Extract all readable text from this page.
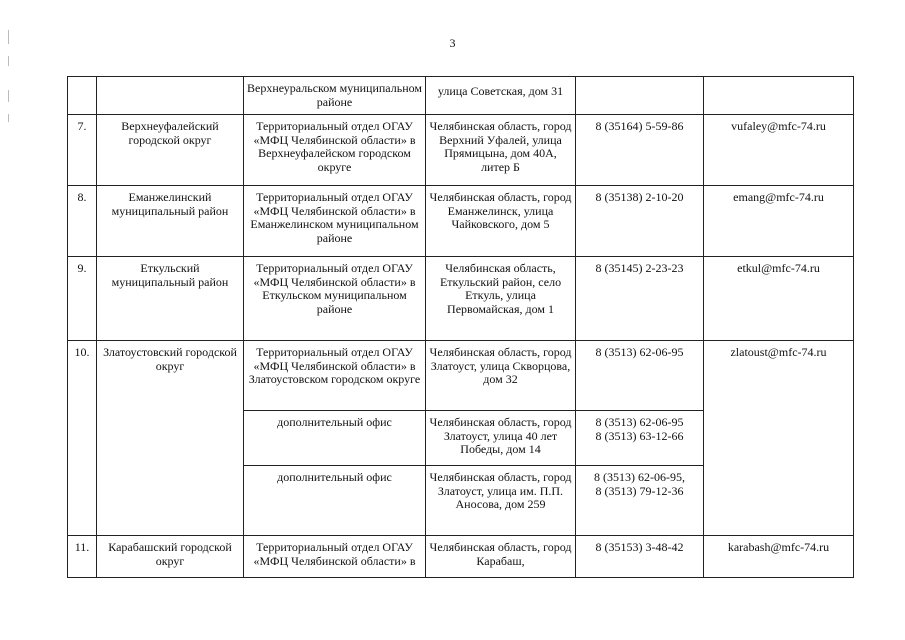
3
		Верхнеуральском муниципальном районе	улица Советская, дом 31		
7.	Верхнеуфалейский городской округ	Территориальный отдел ОГАУ «МФЦ Челябинской области» в Верхнеуфалейском городском округе	Челябинская область, город Верхний Уфалей, улица Прямицына, дом 40А, литер Б	8 (35164) 5-59-86	vufaley@mfc-74.ru
8.	Еманжелинский муниципальный район	Территориальный отдел ОГАУ «МФЦ Челябинской области» в Еманжелинском муниципальном районе	Челябинская область, город Еманжелинск, улица Чайковского, дом 5	8 (35138) 2-10-20	emang@mfc-74.ru
9.	Еткульский муниципальный район	Территориальный отдел ОГАУ «МФЦ Челябинской области» в Еткульском муниципальном районе	Челябинская область, Еткульский район, село Еткуль, улица Первомайская, дом 1	8 (35145) 2-23-23	etkul@mfc-74.ru
10.	Златоустовский городской округ	Территориальный отдел ОГАУ «МФЦ Челябинской области» в Златоустовском городском округе	Челябинская область, город Златоуст, улица Скворцова, дом 32	8 (3513) 62-06-95	zlatoust@mfc-74.ru
		дополнительный офис	Челябинская область, город Златоуст, улица 40 лет Победы, дом 14	8 (3513) 62-06-95
8 (3513) 63-12-66	
		дополнительный офис	Челябинская область, город Златоуст, улица им. П.П. Аносова, дом 259	8 (3513) 62-06-95,
8 (3513) 79-12-36	
11.	Карабашский городской округ	Территориальный отдел ОГАУ «МФЦ Челябинской области» в	Челябинская область, город Карабаш,	8 (35153) 3-48-42	karabash@mfc-74.ru
